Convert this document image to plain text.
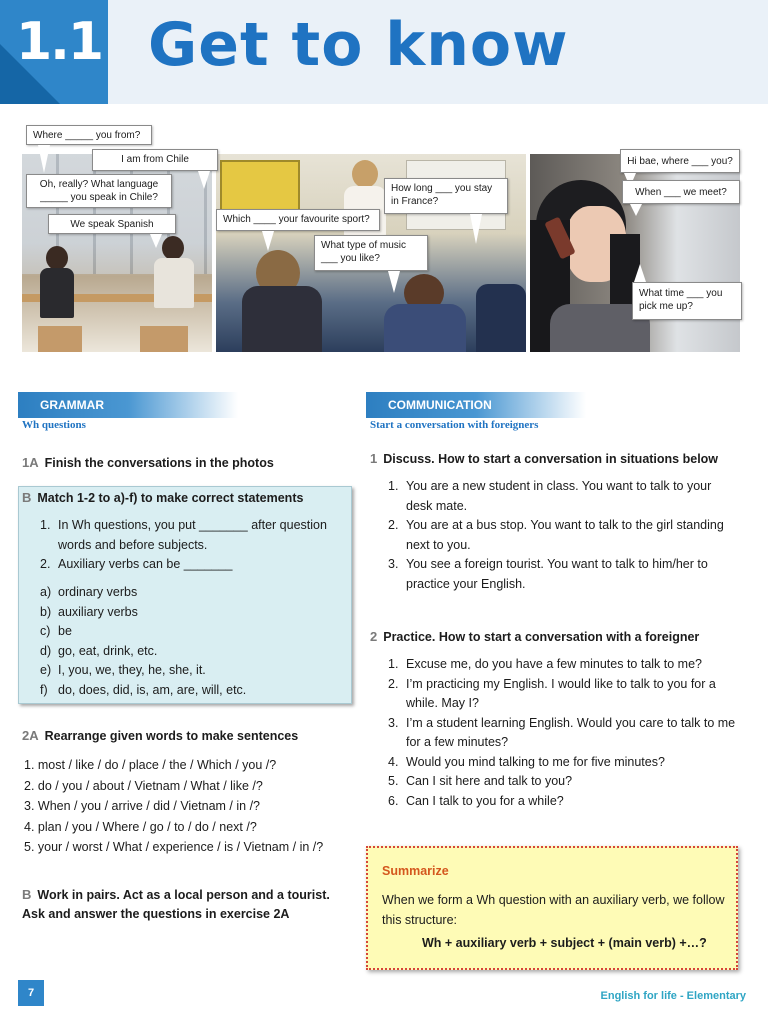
1.1 Get to know
Where _____ you from?
I am from Chile
Oh, really? What language _____ you speak in Chile?
We speak Spanish	Which ____ your favourite sport?
How long ___ you stay in France?
What type of music ___ you like?
Hi bae, where ___ you?
When ___ we meet?
What time ___ you pick me up?
GRAMMAR
Wh questions
1A Finish the conversations in the photos
B Match 1-2 to a)-f) to make correct statements
1. In Wh questions, you put _______ after question words and before subjects.
2. Auxiliary verbs can be _______
a) ordinary verbs
b) auxiliary verbs
c) be
d) go, eat, drink, etc.
e) I, you, we, they, he, she, it.
f) do, does, did, is, am, are, will, etc.
2A Rearrange given words to make sentences
1. most / like / do / place / the / Which / you /?
2. do / you / about / Vietnam / What / like /?
3. When / you / arrive / did / Vietnam / in /?
4. plan / you / Where / go / to / do / next /?
5. your / worst / What / experience / is / Vietnam / in /?
B Work in pairs. Act as a local person and a tourist.
Ask and answer the questions in exercise 2A
COMMUNICATION
Start a conversation with foreigners
1 Discuss. How to start a conversation in situations below
1. You are a new student in class. You want to talk to your desk mate.
2. You are at a bus stop. You want to talk to the girl standing next to you.
3. You see a foreign tourist. You want to talk to him/her to practice your English.
2 Practice. How to start a conversation with a foreigner
1. Excuse me, do you have a few minutes to talk to me?
2. I’m practicing my English. I would like to talk to you for a while. May I?
3. I’m a student learning English. Would you care to talk to me for a few minutes?
4. Would you mind talking to me for five minutes?
5. Can I sit here and talk to you?
6. Can I talk to you for a while?
Summarize
When we form a Wh question with an auxiliary verb, we follow this structure:
Wh + auxiliary verb + subject + (main verb) +…?
7	English for life - Elementary
